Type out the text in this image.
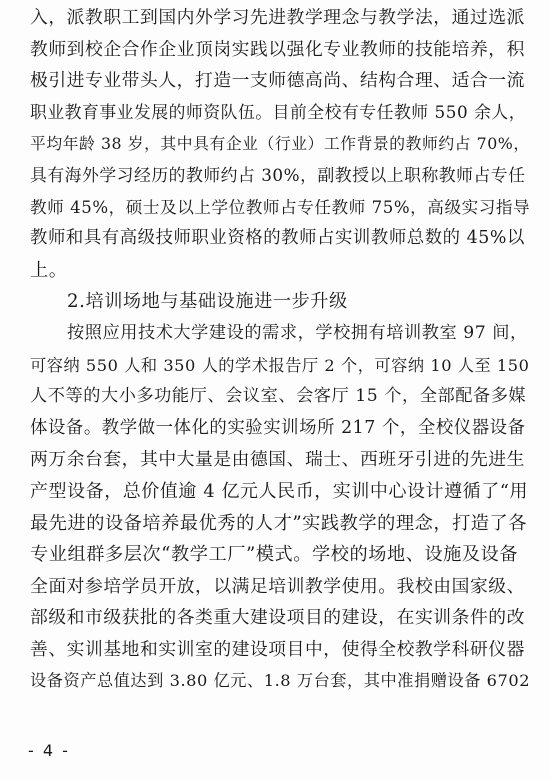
入，派教职工到国内外学习先进教学理念与教学法，通过选派
教师到校企合作企业顶岗实践以强化专业教师的技能培养，积
极引进专业带头人，打造一支师德高尚、结构合理、适合一流
职业教育事业发展的师资队伍。目前全校有专任教师 550 余人，
平均年龄 38 岁，其中具有企业（行业）工作背景的教师约占 70%，
具有海外学习经历的教师约占 30%，副教授以上职称教师占专任
教师 45%，硕士及以上学位教师占专任教师 75%，高级实习指导
教师和具有高级技师职业资格的教师占实训教师总数的 45%以
上。
2.培训场地与基础设施进一步升级
按照应用技术大学建设的需求，学校拥有培训教室 97 间，
可容纳 550 人和 350 人的学术报告厅 2 个，可容纳 10 人至 150
人不等的大小多功能厅、会议室、会客厅 15 个，全部配备多媒
体设备。教学做一体化的实验实训场所 217 个，全校仪器设备
两万余台套，其中大量是由德国、瑞士、西班牙引进的先进生
产型设备，总价值逾 4 亿元人民币，实训中心设计遵循了“用
最先进的设备培养最优秀的人才”实践教学的理念，打造了各
专业组群多层次“教学工厂”模式。学校的场地、设施及设备
全面对参培学员开放，以满足培训教学使用。我校由国家级、
部级和市级获批的各类重大建设项目的建设，在实训条件的改
善、实训基地和实训室的建设项目中，使得全校教学科研仪器
设备资产总值达到 3.80 亿元、1.8 万台套，其中准捐赠设备 6702
- 4 -
